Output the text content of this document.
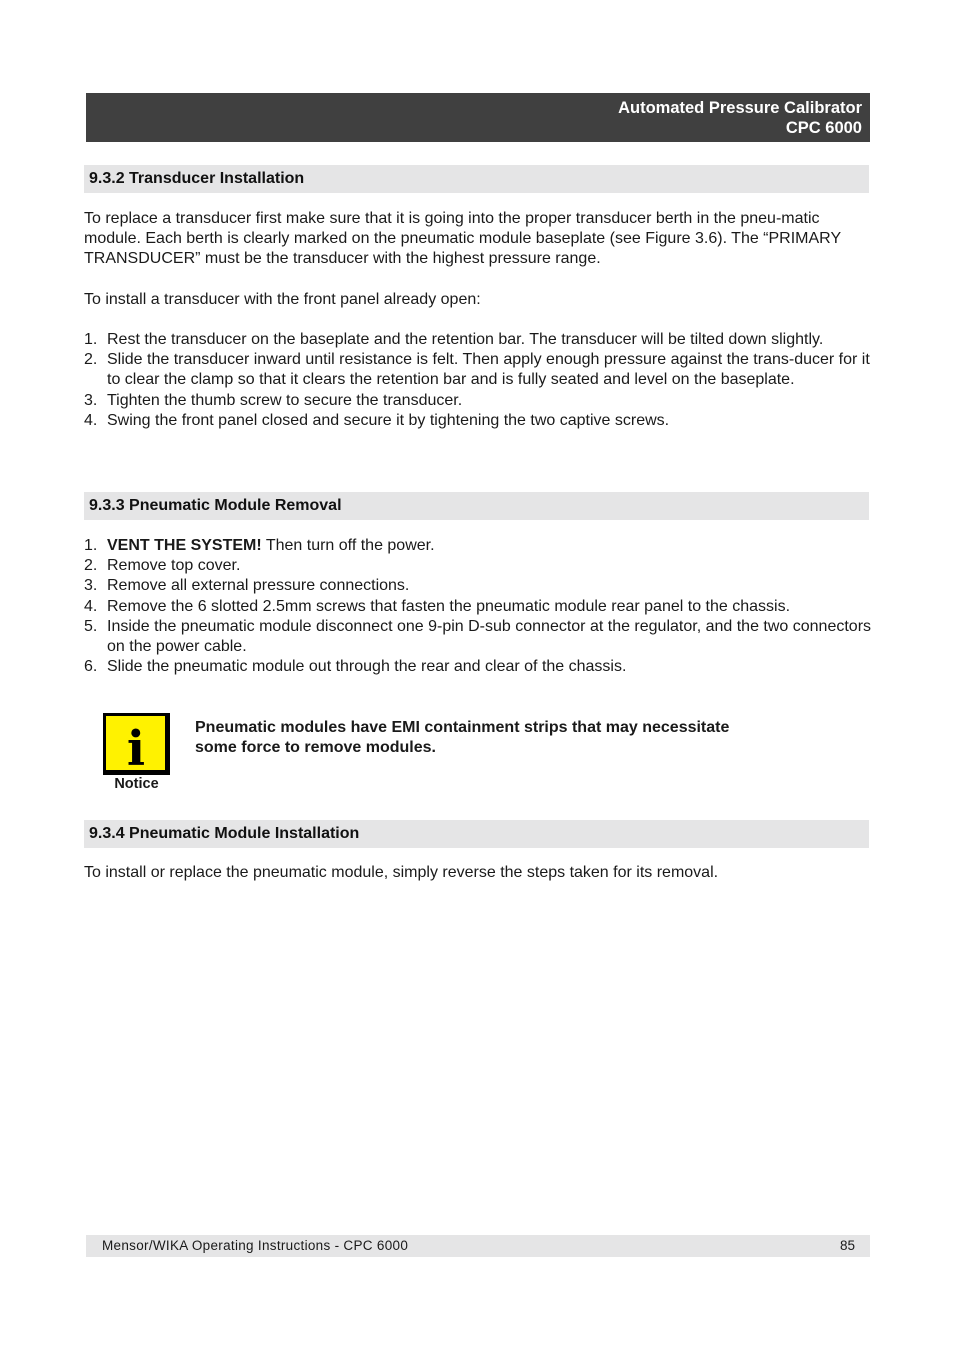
Automated Pressure Calibrator
CPC 6000
9.3.2 Transducer Installation

To replace a transducer first make sure that it is going into the proper transducer berth in the pneu-matic module. Each berth is clearly marked on the pneumatic module baseplate (see Figure 3.6). The “PRIMARY TRANSDUCER” must be the transducer with the highest pressure range.

To install a transducer with the front panel already open:

1. Rest the transducer on the baseplate and the retention bar. The transducer will be tilted down slightly.
2. Slide the transducer inward until resistance is felt. Then apply enough pressure against the trans-ducer for it to clear the clamp so that it clears the retention bar and is fully seated and level on the baseplate.
3. Tighten the thumb screw to secure the transducer.
4. Swing the front panel closed and secure it by tightening the two captive screws.
9.3.3 Pneumatic Module Removal
1. VENT THE SYSTEM! Then turn off the power.
2. Remove top cover.
3. Remove all external pressure connections.
4. Remove the 6 slotted 2.5mm screws that fasten the pneumatic module rear panel to the chassis.
5. Inside the pneumatic module disconnect one 9-pin D-sub connector at the regulator, and the two connectors on the power cable.
6. Slide the pneumatic module out through the rear and clear of the chassis.
i
Notice
Pneumatic modules have EMI containment strips that may necessitate
some force to remove modules.
9.3.4 Pneumatic Module Installation

To install or replace the pneumatic module, simply reverse the steps taken for its removal.

Mensor/WIKA Operating Instructions - CPC 6000	85
